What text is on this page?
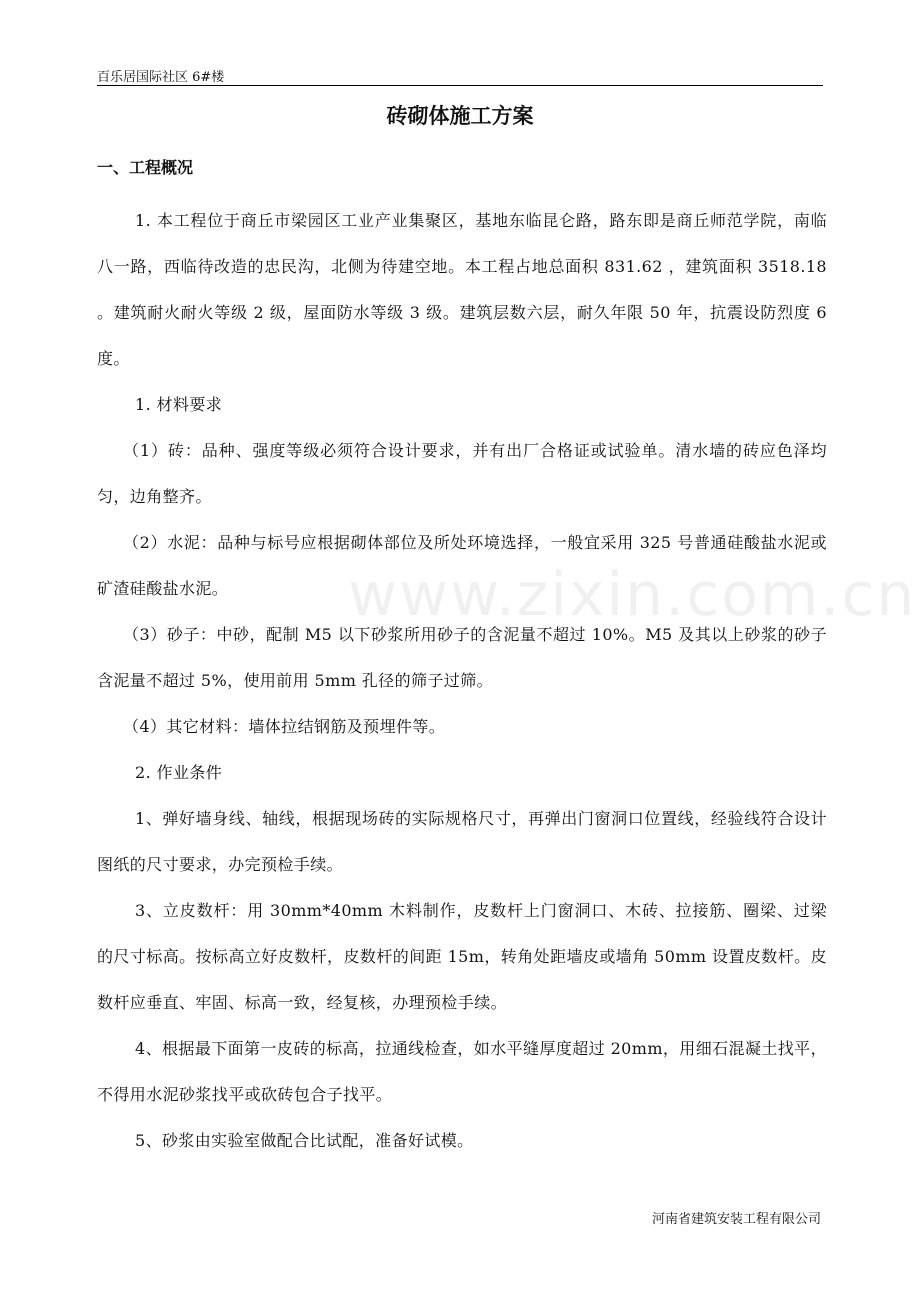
百乐居国际社区 6#楼
砖砌体施工方案
一、工程概况
www.zixin.com.cn

1. 本工程位于商丘市梁园区工业产业集聚区，基地东临昆仑路，路东即是商丘师范学院，南临八一路，西临待改造的忠民沟，北侧为待建空地。本工程占地总面积 831.62 ，建筑面积 3518.18 。建筑耐火耐火等级 2 级，屋面防水等级 3 级。建筑层数六层，耐久年限 50 年，抗震设防烈度 6 度。

1. 材料要求

（1）砖：品种、强度等级必须符合设计要求，并有出厂合格证或试验单。清水墙的砖应色泽均匀，边角整齐。

（2）水泥：品种与标号应根据砌体部位及所处环境选择，一般宜采用 325 号普通硅酸盐水泥或矿渣硅酸盐水泥。

（3）砂子：中砂，配制 M5 以下砂浆所用砂子的含泥量不超过 10%。M5 及其以上砂浆的砂子含泥量不超过 5%，使用前用 5mm 孔径的筛子过筛。

（4）其它材料：墙体拉结钢筋及预埋件等。

2. 作业条件

1、弹好墙身线、轴线，根据现场砖的实际规格尺寸，再弹出门窗洞口位置线，经验线符合设计图纸的尺寸要求，办完预检手续。

3、立皮数杆：用 30mm*40mm 木料制作，皮数杆上门窗洞口、木砖、拉接筋、圈梁、过梁的尺寸标高。按标高立好皮数杆，皮数杆的间距 15m，转角处距墙皮或墙角 50mm 设置皮数杆。皮数杆应垂直、牢固、标高一致，经复核，办理预检手续。

4、根据最下面第一皮砖的标高，拉通线检查，如水平缝厚度超过 20mm，用细石混凝土找平，不得用水泥砂浆找平或砍砖包合子找平。

5、砂浆由实验室做配合比试配，准备好试模。

河南省建筑安装工程有限公司
